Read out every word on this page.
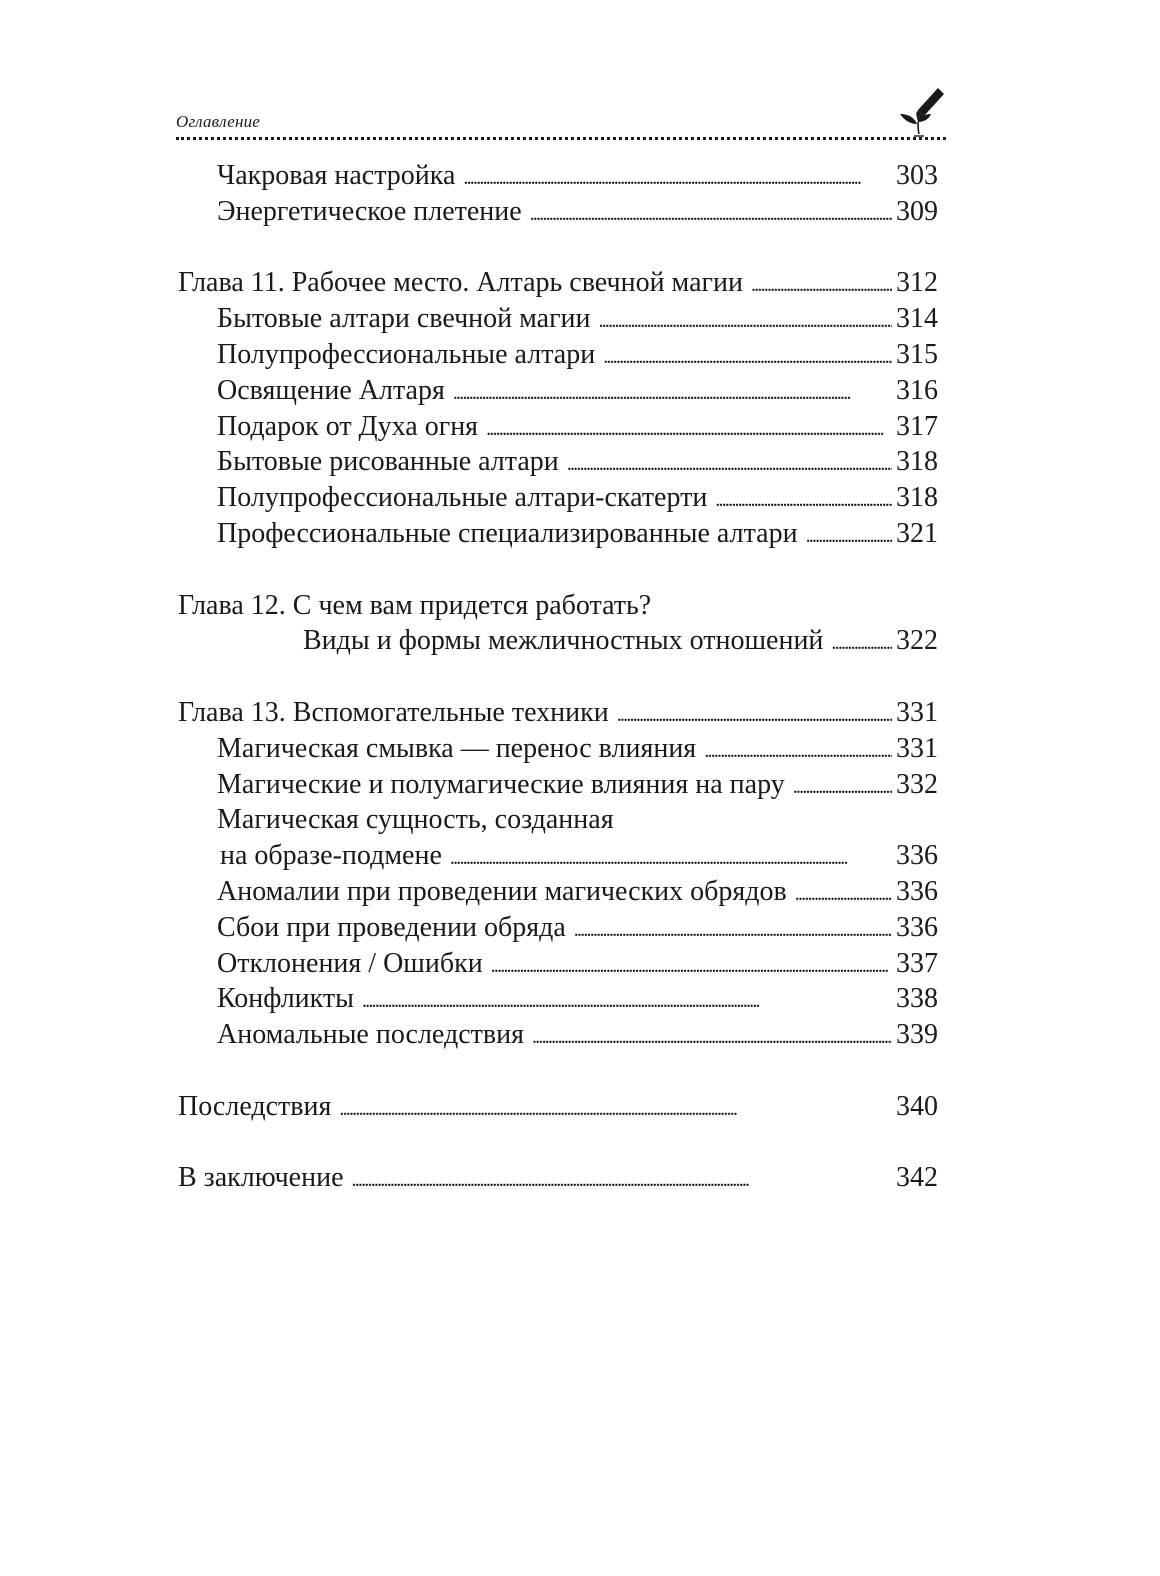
Оглавление
Чакровая настройка . . .	303
Энергетическое плетение . . .	309
Глава 11. Рабочее место. Алтарь свечной магии . . .	312
Бытовые алтари свечной магии . . .	314
Полупрофессиональные алтари . . .	315
Освящение Алтаря . . .	316
Подарок от Духа огня . . .	317
Бытовые рисованные алтари . . .	318
Полупрофессиональные алтари-скатерти . . .	318
Профессиональные специализированные алтари . . .	321
Глава 12. С чем вам придется работать?
Виды и формы межличностных отношений . . .	322
Глава 13. Вспомогательные техники . . .	331
Магическая смывка — перенос влияния . . .	331
Магические и полумагические влияния на пару . . .	332
Магическая сущность, созданная
на образе-подмене . . .	336
Аномалии при проведении магических обрядов . . .	336
Сбои при проведении обряда . . .	336
Отклонения / Ошибки . . .	337
Конфликты . . .	338
Аномальные последствия . . .	339
Последствия . . .	340
В заключение . . .	342
